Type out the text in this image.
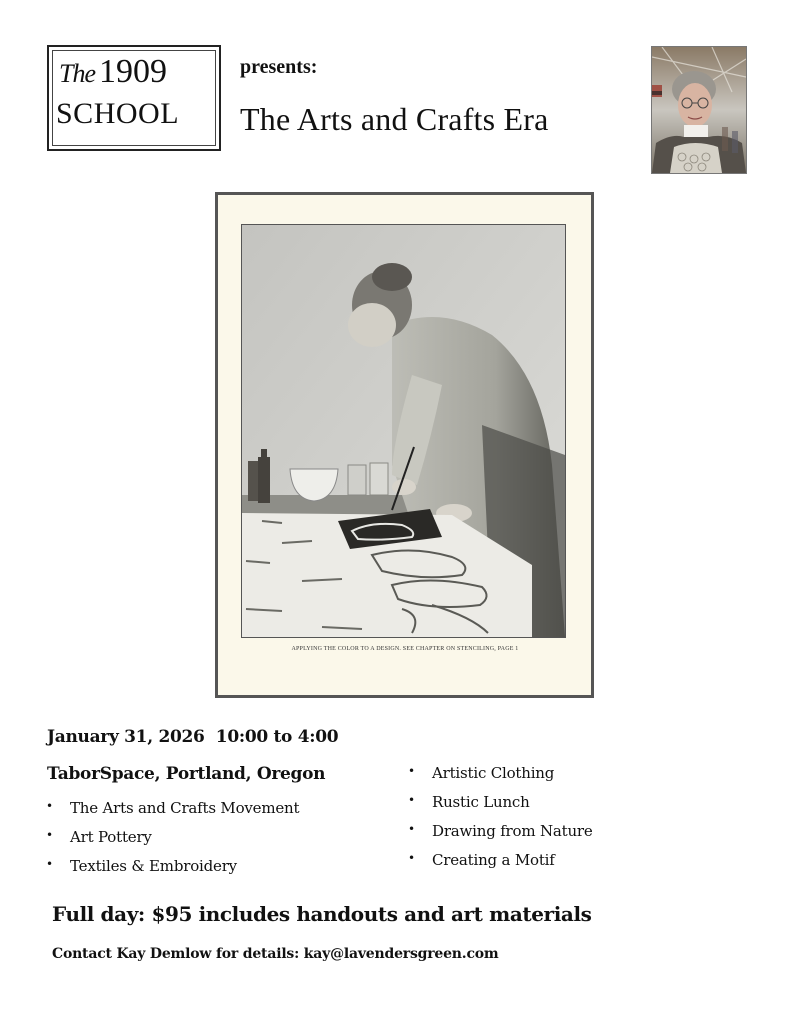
The 1909
SCHOOL
presents:
The Arts and Crafts Era
APPLYING THE COLOR TO A DESIGN. SEE CHAPTER ON STENCILING, PAGE 1
January 31, 2026  10:00 to 4:00
TaborSpace, Portland, Oregon
• The Arts and Crafts Movement
• Art Pottery
• Textiles & Embroidery
• Artistic Clothing
• Rustic Lunch
• Drawing from Nature
• Creating a Motif
Full day: $95 includes handouts and art materials
Contact Kay Demlow for details: kay@lavendersgreen.com
